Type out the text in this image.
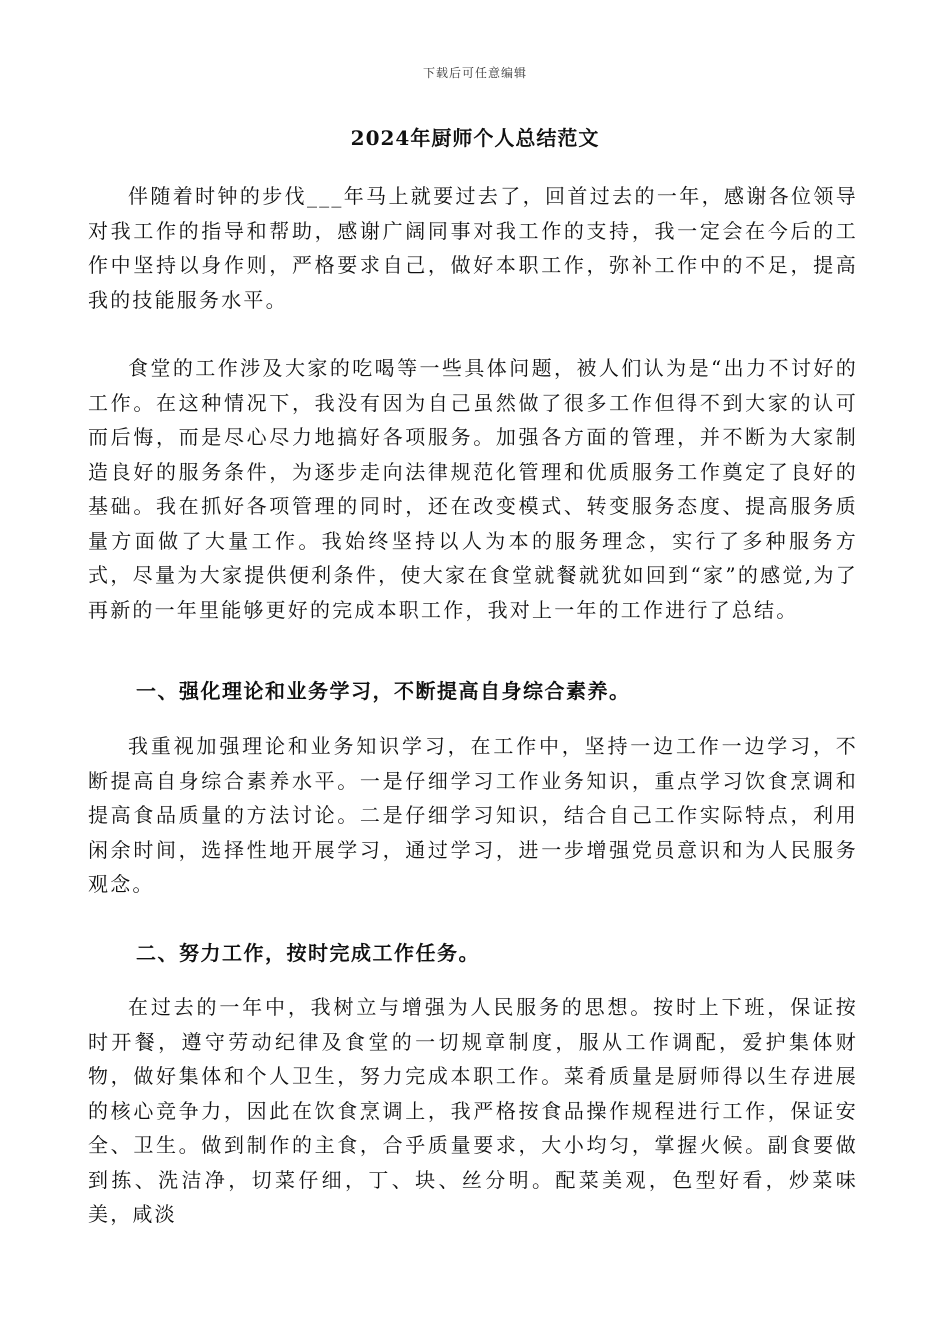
下载后可任意编辑
2024年厨师个人总结范文

伴随着时钟的步伐___年马上就要过去了，回首过去的一年，感谢各位领导对我工作的指导和帮助，感谢广阔同事对我工作的支持，我一定会在今后的工作中坚持以身作则，严格要求自己，做好本职工作，弥补工作中的不足，提高我的技能服务水平。

食堂的工作涉及大家的吃喝等一些具体问题，被人们认为是“出力不讨好的工作。在这种情况下，我没有因为自己虽然做了很多工作但得不到大家的认可而后悔，而是尽心尽力地搞好各项服务。加强各方面的管理，并不断为大家制造良好的服务条件，为逐步走向法律规范化管理和优质服务工作奠定了良好的基础。我在抓好各项管理的同时，还在改变模式、转变服务态度、提高服务质量方面做了大量工作。我始终坚持以人为本的服务理念，实行了多种服务方式，尽量为大家提供便利条件，使大家在食堂就餐就犹如回到“家”的感觉,为了再新的一年里能够更好的完成本职工作，我对上一年的工作进行了总结。

一、强化理论和业务学习，不断提高自身综合素养。

我重视加强理论和业务知识学习，在工作中，坚持一边工作一边学习，不断提高自身综合素养水平。一是仔细学习工作业务知识，重点学习饮食烹调和提高食品质量的方法讨论。二是仔细学习知识，结合自己工作实际特点，利用闲余时间，选择性地开展学习，通过学习，进一步增强党员意识和为人民服务观念。

二、努力工作，按时完成工作任务。

在过去的一年中，我树立与增强为人民服务的思想。按时上下班，保证按时开餐，遵守劳动纪律及食堂的一切规章制度，服从工作调配，爱护集体财物，做好集体和个人卫生，努力完成本职工作。菜肴质量是厨师得以生存进展的核心竞争力，因此在饮食烹调上，我严格按食品操作规程进行工作，保证安全、卫生。做到制作的主食，合乎质量要求，大小均匀，掌握火候。副食要做到拣、洗洁净，切菜仔细，丁、块、丝分明。配菜美观，色型好看，炒菜味美，咸淡
